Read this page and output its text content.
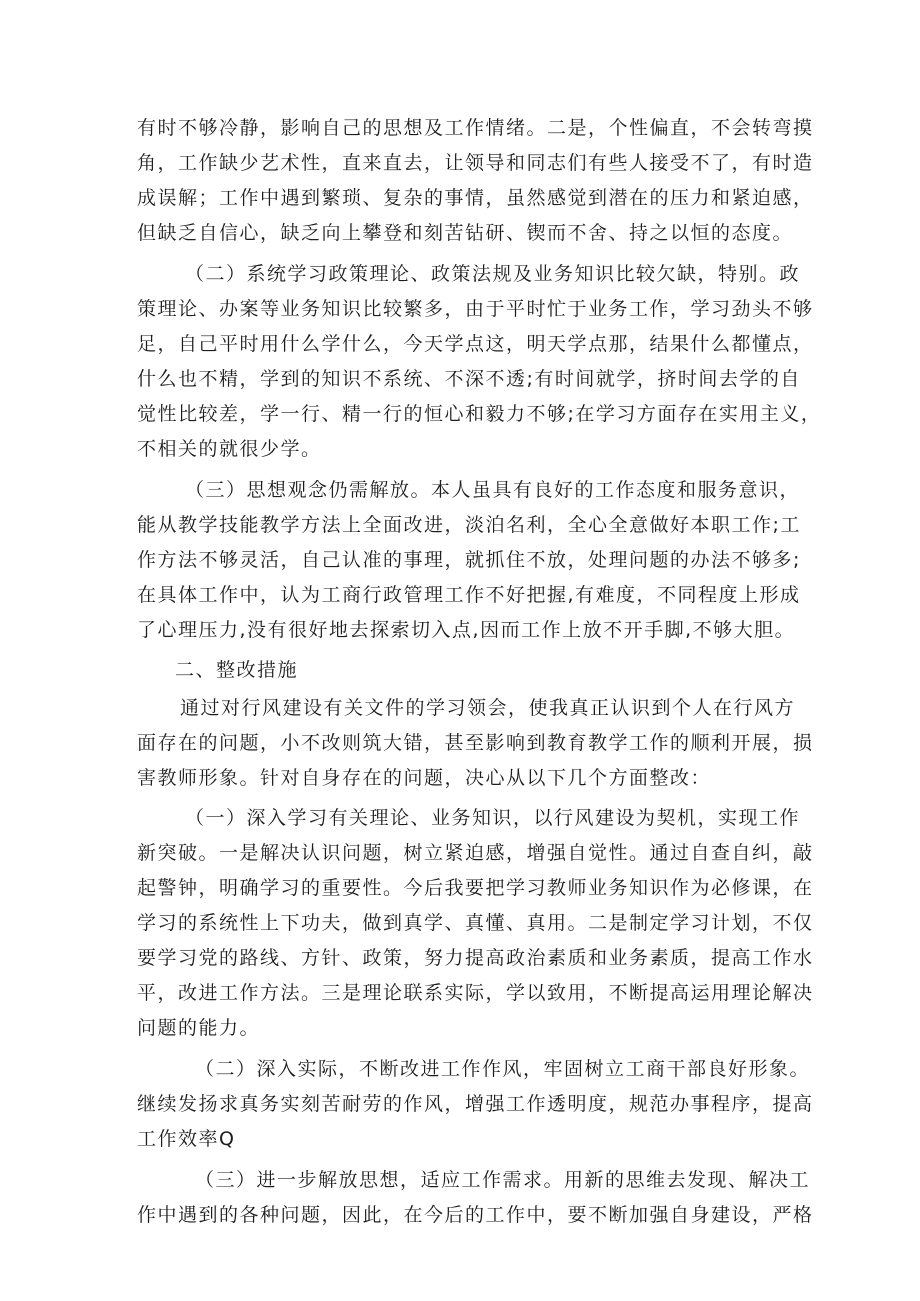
有时不够冷静，影响自己的思想及工作情绪。二是，个性偏直，不会转弯摸
角，工作缺少艺术性，直来直去，让领导和同志们有些人接受不了，有时造
成误解；工作中遇到繁琐、复杂的事情，虽然感觉到潜在的压力和紧迫感，
但缺乏自信心，缺乏向上攀登和刻苦钻研、锲而不舍、持之以恒的态度。
（二）系统学习政策理论、政策法规及业务知识比较欠缺，特别。政
策理论、办案等业务知识比较繁多，由于平时忙于业务工作，学习劲头不够
足，自己平时用什么学什么，今天学点这，明天学点那，结果什么都懂点，
什么也不精，学到的知识不系统、不深不透;有时间就学，挤时间去学的自
觉性比较差，学一行、精一行的恒心和毅力不够;在学习方面存在实用主义，
不相关的就很少学。
（三）思想观念仍需解放。本人虽具有良好的工作态度和服务意识，
能从教学技能教学方法上全面改进，淡泊名利，全心全意做好本职工作;工
作方法不够灵活，自己认准的事理，就抓住不放，处理问题的办法不够多;
在具体工作中，认为工商行政管理工作不好把握,有难度，不同程度上形成
了心理压力,没有很好地去探索切入点,因而工作上放不开手脚,不够大胆。
二、整改措施
通过对行风建设有关文件的学习领会，使我真正认识到个人在行风方
面存在的问题，小不改则筑大错，甚至影响到教育教学工作的顺利开展，损
害教师形象。针对自身存在的问题，决心从以下几个方面整改：
（一）深入学习有关理论、业务知识，以行风建设为契机，实现工作
新突破。一是解决认识问题，树立紧迫感，增强自觉性。通过自查自纠，敲
起警钟，明确学习的重要性。今后我要把学习教师业务知识作为必修课，在
学习的系统性上下功夫，做到真学、真懂、真用。二是制定学习计划，不仅
要学习党的路线、方针、政策，努力提高政治素质和业务素质，提高工作水
平，改进工作方法。三是理论联系实际，学以致用，不断提高运用理论解决
问题的能力。
（二）深入实际，不断改进工作作风，牢固树立工商干部良好形象。
继续发扬求真务实刻苦耐劳的作风，增强工作透明度，规范办事程序，提高
工作效率Q
（三）进一步解放思想，适应工作需求。用新的思维去发现、解决工
作中遇到的各种问题，因此，在今后的工作中，要不断加强自身建设，严格
